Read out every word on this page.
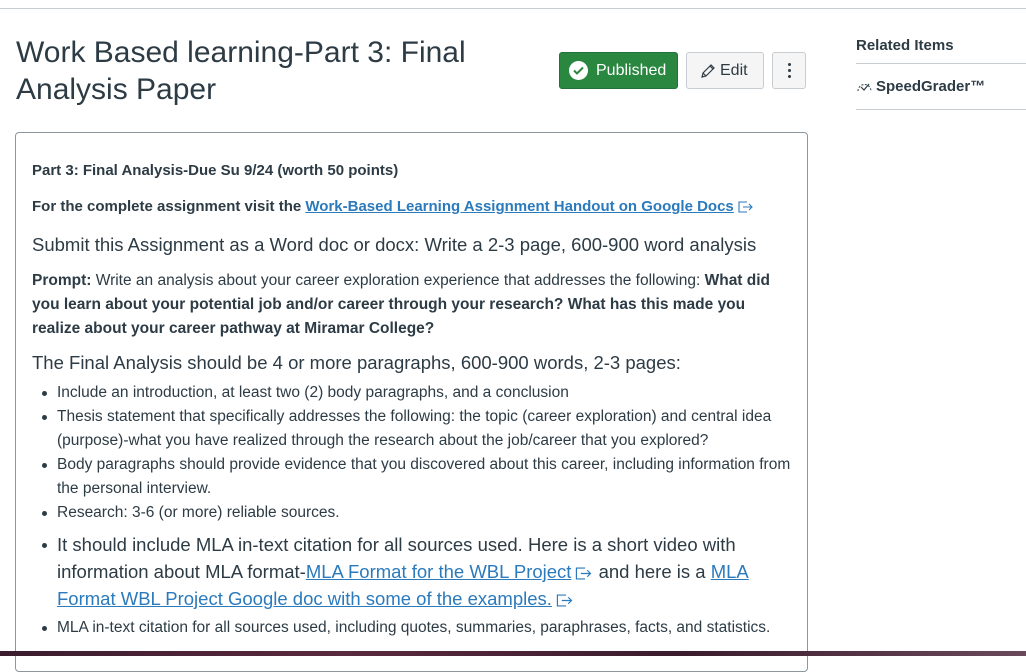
Work Based learning-Part 3: Final Analysis Paper
Published	Edit
Related Items
SpeedGrader™

Part 3: Final Analysis-Due Su 9/24 (worth 50 points)

For the complete assignment visit the Work-Based Learning Assignment Handout on Google Docs

Submit this Assignment as a Word doc or docx: Write a 2-3 page, 600-900 word analysis

Prompt: Write an analysis about your career exploration experience that addresses the following: What did you learn about your potential job and/or career through your research? What has this made you realize about your career pathway at Miramar College?

The Final Analysis should be 4 or more paragraphs, 600-900 words, 2-3 pages:

Include an introduction, at least two (2) body paragraphs, and a conclusion
Thesis statement that specifically addresses the following: the topic (career exploration) and central idea (purpose)-what you have realized through the research about the job/career that you explored?
Body paragraphs should provide evidence that you discovered about this career, including information from the personal interview.
Research: 3-6 (or more) reliable sources.
It should include MLA in-text citation for all sources used. Here is a short video with information about MLA format-MLA Format for the WBL Project and here is a MLA Format WBL Project Google doc with some of the examples.
MLA in-text citation for all sources used, including quotes, summaries, paraphrases, facts, and statistics.
